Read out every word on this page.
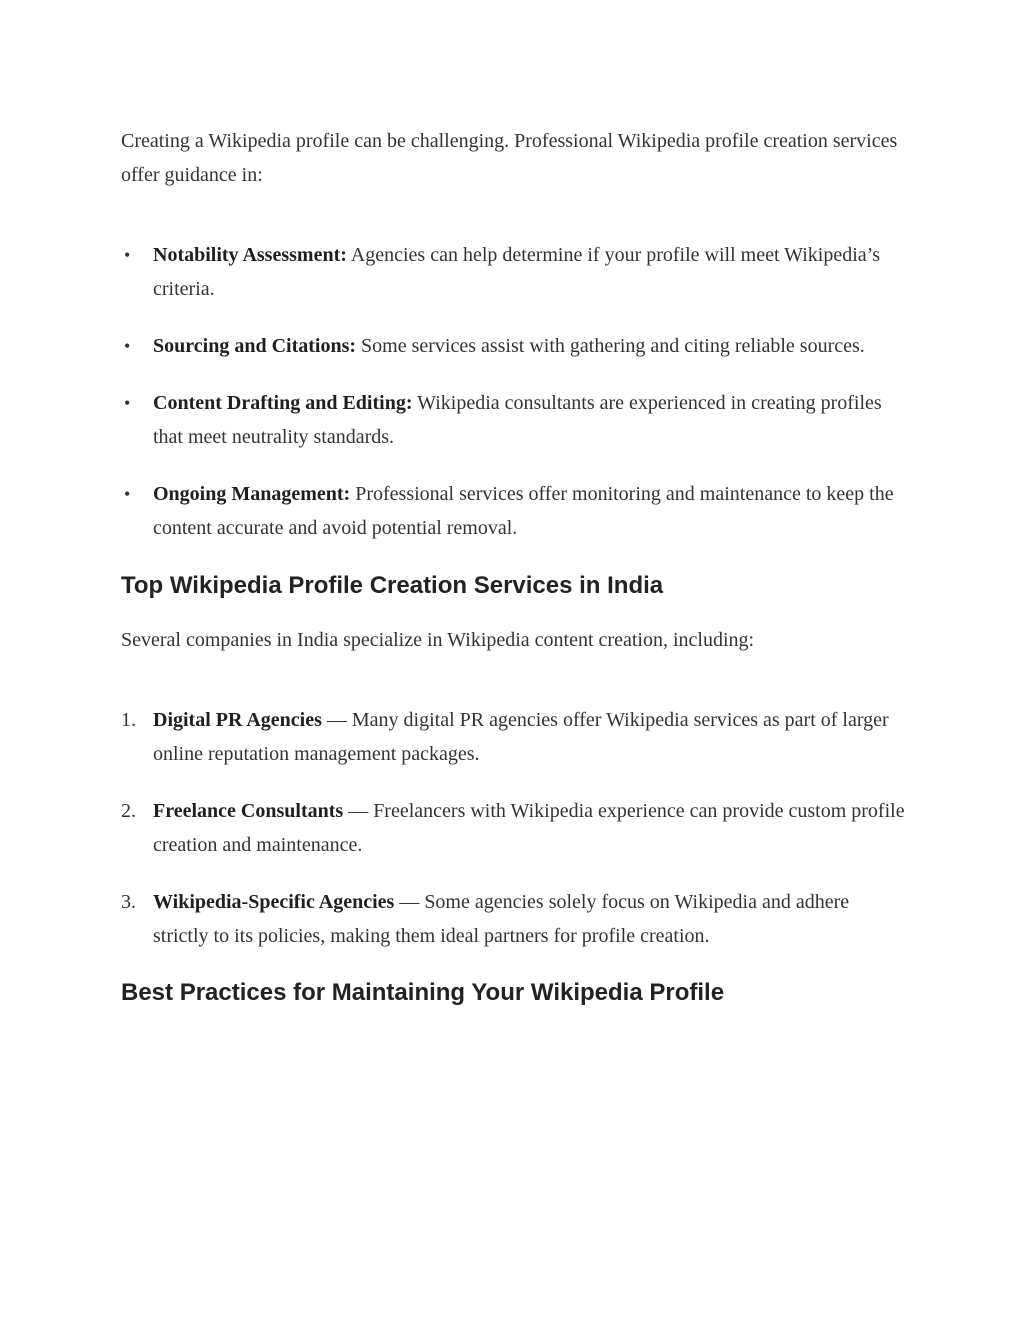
Creating a Wikipedia profile can be challenging. Professional Wikipedia profile creation services offer guidance in:

• Notability Assessment: Agencies can help determine if your profile will meet Wikipedia’s criteria.
• Sourcing and Citations: Some services assist with gathering and citing reliable sources.
• Content Drafting and Editing: Wikipedia consultants are experienced in creating profiles that meet neutrality standards.
• Ongoing Management: Professional services offer monitoring and maintenance to keep the content accurate and avoid potential removal.
Top Wikipedia Profile Creation Services in India

Several companies in India specialize in Wikipedia content creation, including:

1. Digital PR Agencies — Many digital PR agencies offer Wikipedia services as part of larger online reputation management packages.
2. Freelance Consultants — Freelancers with Wikipedia experience can provide custom profile creation and maintenance.
3. Wikipedia-Specific Agencies — Some agencies solely focus on Wikipedia and adhere strictly to its policies, making them ideal partners for profile creation.
Best Practices for Maintaining Your Wikipedia Profile
